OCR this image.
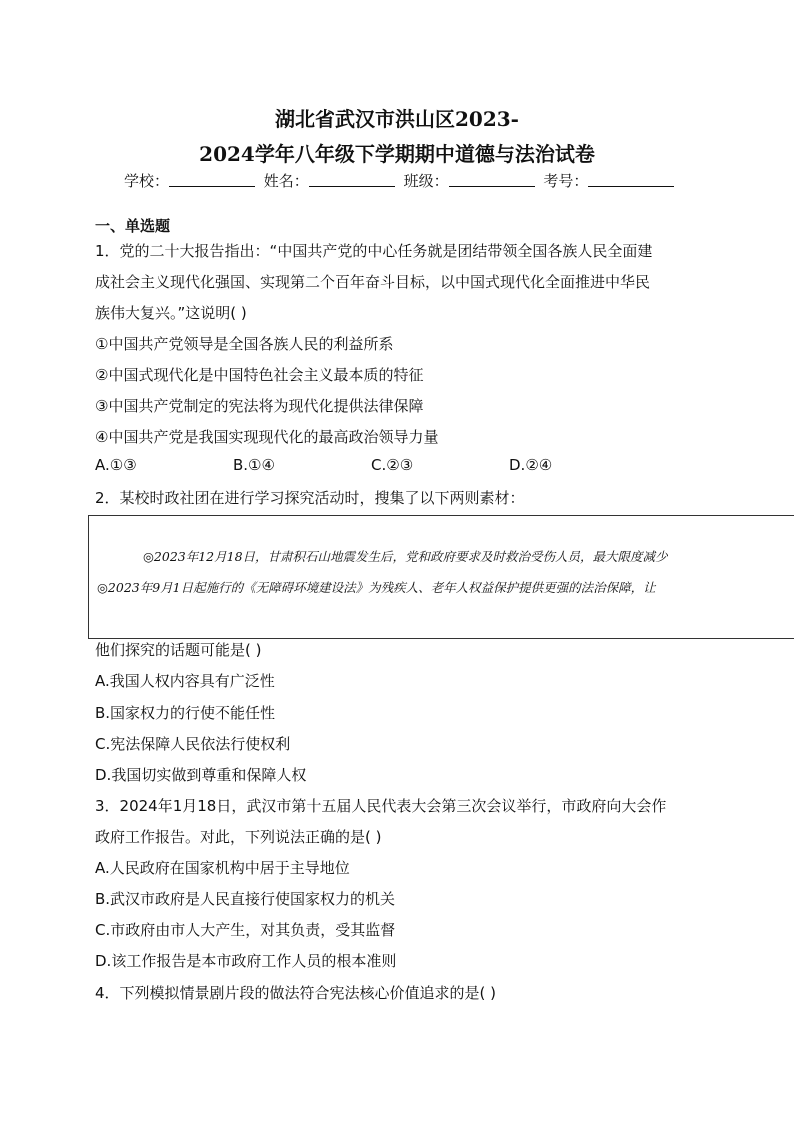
湖北省武汉市洪山区2023-
2024学年八年级下学期期中道德与法治试卷
学校：	姓名：	班级：	考号：
一、单选题
1．党的二十大报告指出：“中国共产党的中心任务就是团结带领全国各族人民全面建
成社会主义现代化强国、实现第二个百年奋斗目标，以中国式现代化全面推进中华民
族伟大复兴。”这说明( )
①中国共产党领导是全国各族人民的利益所系
②中国式现代化是中国特色社会主义最本质的特征
③中国共产党制定的宪法将为现代化提供法律保障
④中国共产党是我国实现现代化的最高政治领导力量
A.①③	B.①④	C.②③	D.②④
2．某校时政社团在进行学习探究活动时，搜集了以下两则素材：
◎2023年12月18日，甘肃积石山地震发生后，党和政府要求及时救治受伤人员，最大限度减少
◎2023年9月1日起施行的《无障碍环境建设法》为残疾人、老年人权益保护提供更强的法治保障，让
他们探究的话题可能是( )
A.我国人权内容具有广泛性
B.国家权力的行使不能任性
C.宪法保障人民依法行使权利
D.我国切实做到尊重和保障人权
3．2024年1月18日，武汉市第十五届人民代表大会第三次会议举行，市政府向大会作
政府工作报告。对此，下列说法正确的是( )
A.人民政府在国家机构中居于主导地位
B.武汉市政府是人民直接行使国家权力的机关
C.市政府由市人大产生，对其负责，受其监督
D.该工作报告是本市政府工作人员的根本准则
4．下列模拟情景剧片段的做法符合宪法核心价值追求的是( )
